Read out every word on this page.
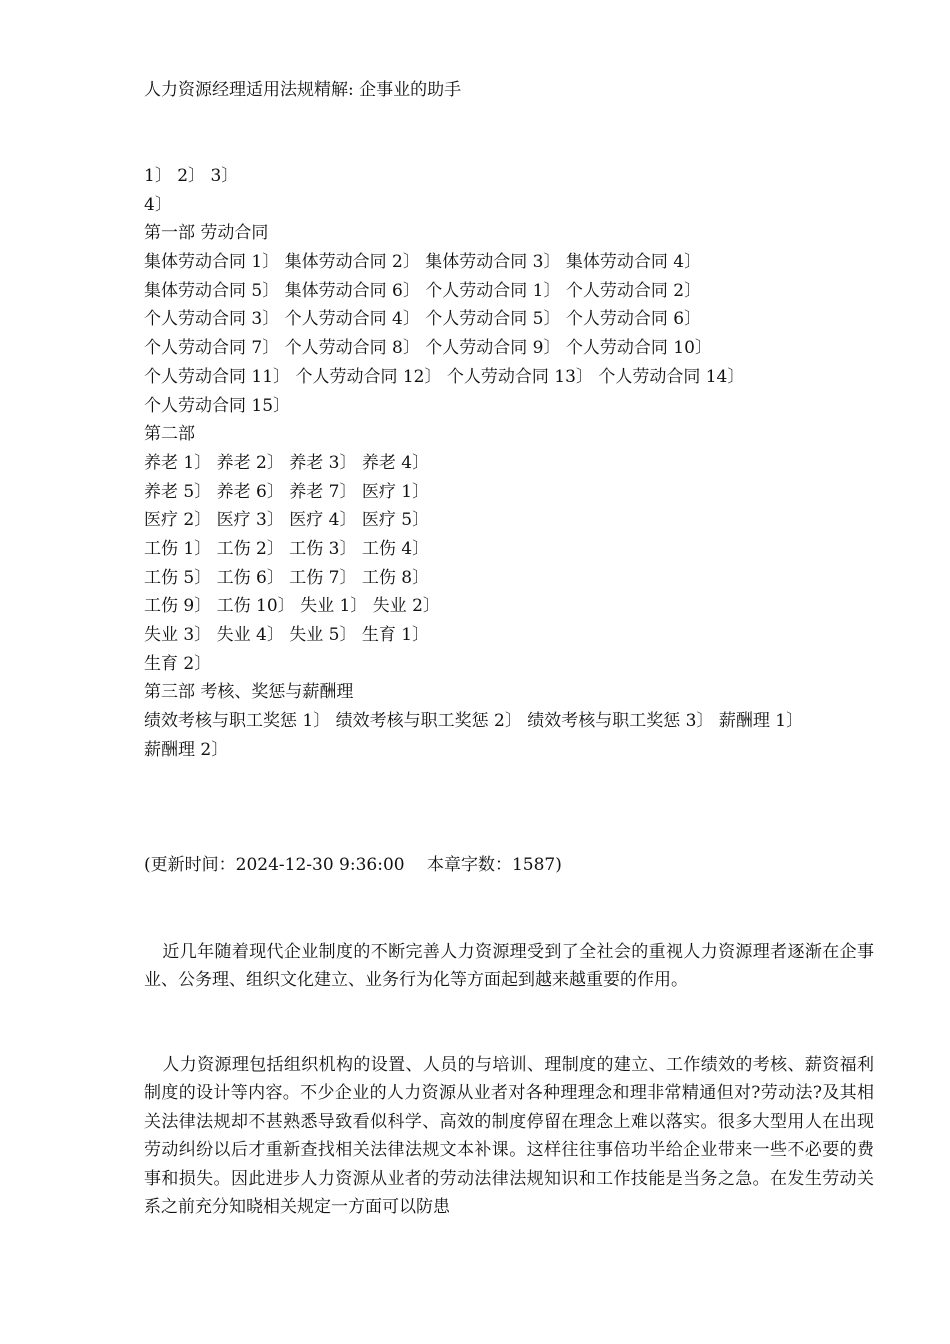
人力资源经理适用法规精解: 企事业的助手
1〕 2〕 3〕
4〕
第一部 劳动合同
集体劳动合同 1〕 集体劳动合同 2〕 集体劳动合同 3〕 集体劳动合同 4〕
集体劳动合同 5〕 集体劳动合同 6〕 个人劳动合同 1〕 个人劳动合同 2〕
个人劳动合同 3〕 个人劳动合同 4〕 个人劳动合同 5〕 个人劳动合同 6〕
个人劳动合同 7〕 个人劳动合同 8〕 个人劳动合同 9〕 个人劳动合同 10〕
个人劳动合同 11〕 个人劳动合同 12〕 个人劳动合同 13〕 个人劳动合同 14〕
个人劳动合同 15〕
第二部
养老 1〕 养老 2〕 养老 3〕 养老 4〕
养老 5〕 养老 6〕 养老 7〕 医疗 1〕
医疗 2〕 医疗 3〕 医疗 4〕 医疗 5〕
工伤 1〕 工伤 2〕 工伤 3〕 工伤 4〕
工伤 5〕 工伤 6〕 工伤 7〕 工伤 8〕
工伤 9〕 工伤 10〕 失业 1〕 失业 2〕
失业 3〕 失业 4〕 失业 5〕 生育 1〕
生育 2〕
第三部 考核、奖惩与薪酬理
绩效考核与职工奖惩 1〕 绩效考核与职工奖惩 2〕 绩效考核与职工奖惩 3〕 薪酬理 1〕
薪酬理 2〕
(更新时间：2024-12-30 9:36:00　 本章字数：1587)
近几年随着现代企业制度的不断完善人力资源理受到了全社会的重视人力资源理者逐渐在企事业、公务理、组织文化建立、业务行为化等方面起到越来越重要的作用。
人力资源理包括组织机构的设置、人员的与培训、理制度的建立、工作绩效的考核、薪资福利制度的设计等内容。不少企业的人力资源从业者对各种理理念和理非常精通但对?劳动法?及其相关法律法规却不甚熟悉导致看似科学、高效的制度停留在理念上难以落实。很多大型用人在出现劳动纠纷以后才重新查找相关法律法规文本补课。这样往往事倍功半给企业带来一些不必要的费事和损失。因此进步人力资源从业者的劳动法律法规知识和工作技能是当务之急。在发生劳动关系之前充分知晓相关规定一方面可以防患
